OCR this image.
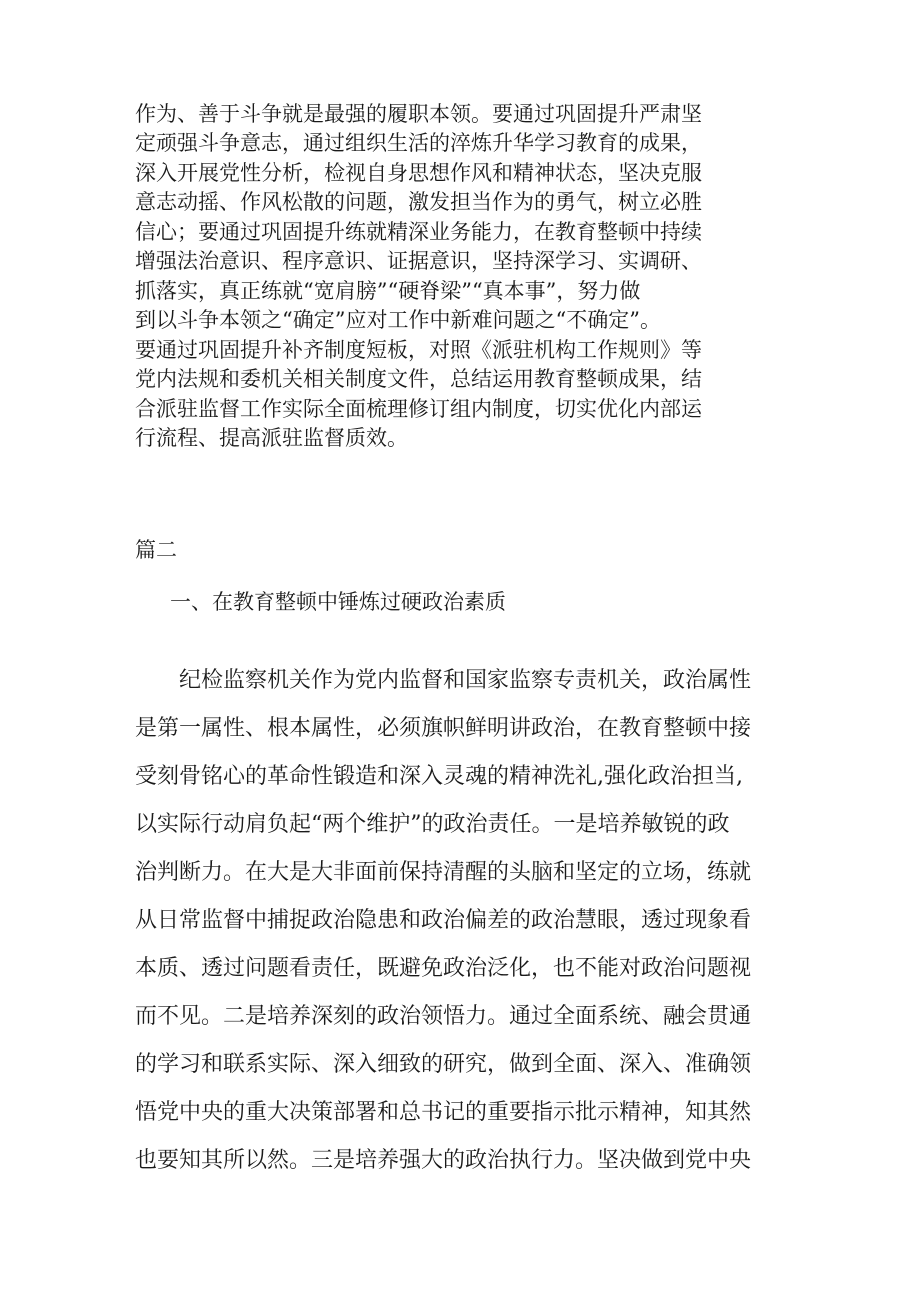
作为、善于斗争就是最强的履职本领。要通过巩固提升严肃坚
定顽强斗争意志，通过组织生活的淬炼升华学习教育的成果，
深入开展党性分析，检视自身思想作风和精神状态，坚决克服
意志动摇、作风松散的问题，激发担当作为的勇气，树立必胜
信心；要通过巩固提升练就精深业务能力，在教育整顿中持续
增强法治意识、程序意识、证据意识，坚持深学习、实调研、
抓落实，真正练就“宽肩膀”“硬脊梁”“真本事”，努力做
到以斗争本领之“确定”应对工作中新难问题之“不确定”。
要通过巩固提升补齐制度短板，对照《派驻机构工作规则》等
党内法规和委机关相关制度文件，总结运用教育整顿成果，结
合派驻监督工作实际全面梳理修订组内制度，切实优化内部运
行流程、提高派驻监督质效。
篇二
一、在教育整顿中锤炼过硬政治素质
　　纪检监察机关作为党内监督和国家监察专责机关，政治属性
是第一属性、根本属性，必须旗帜鲜明讲政治，在教育整顿中接
受刻骨铭心的革命性锻造和深入灵魂的精神洗礼,强化政治担当,
以实际行动肩负起“两个维护”的政治责任。一是培养敏锐的政
治判断力。在大是大非面前保持清醒的头脑和坚定的立场，练就
从日常监督中捕捉政治隐患和政治偏差的政治慧眼，透过现象看
本质、透过问题看责任，既避免政治泛化，也不能对政治问题视
而不见。二是培养深刻的政治领悟力。通过全面系统、融会贯通
的学习和联系实际、深入细致的研究，做到全面、深入、准确领
悟党中央的重大决策部署和总书记的重要指示批示精神，知其然
也要知其所以然。三是培养强大的政治执行力。坚决做到党中央
